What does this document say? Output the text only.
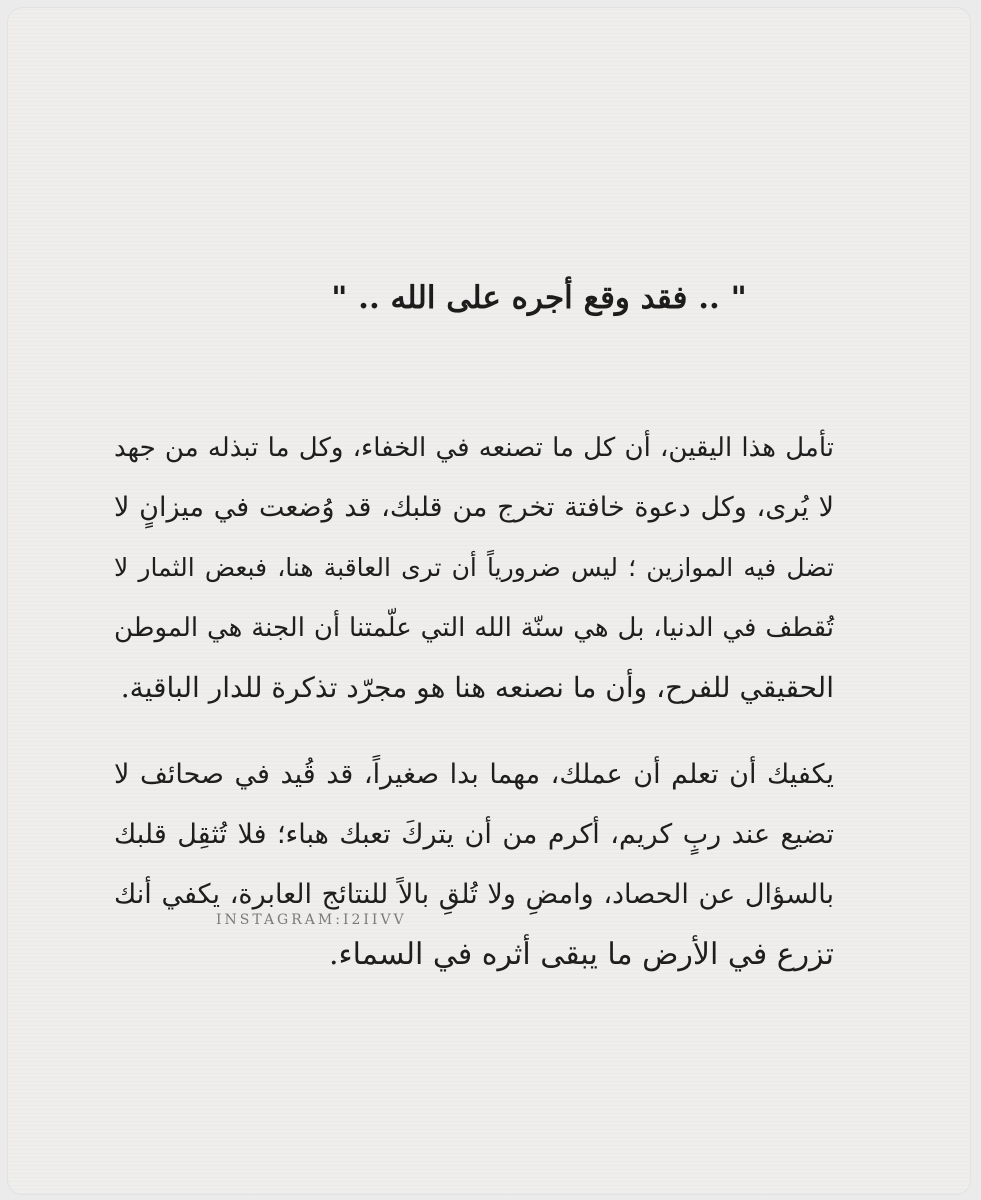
" .. فقد وقع أجره على الله .. "
تأمل هذا اليقين، أن كل ما تصنعه في الخفاء، وكل ما تبذله من جهد
لا يُرى، وكل دعوة خافتة تخرج من قلبك، قد وُضعت في ميزانٍ لا
تضل فيه الموازين ؛ ليس ضرورياً أن ترى العاقبة هنا، فبعض الثمار لا
تُقطف في الدنيا، بل هي سنّة الله التي علّمتنا أن الجنة هي الموطن
الحقيقي للفرح، وأن ما نصنعه هنا هو مجرّد تذكرة للدار الباقية.
يكفيك أن تعلم أن عملك، مهما بدا صغيراً، قد قُيد في صحائف لا
تضيع عند ربٍ كريم، أكرم من أن يتركَ تعبك هباء؛ فلا تُثقِل قلبك
بالسؤال عن الحصاد، وامضِ ولا تُلقِ بالاً للنتائج العابرة، يكفي أنك
تزرع في الأرض ما يبقى أثره في السماء.
INSTAGRAM:I2IIVV
